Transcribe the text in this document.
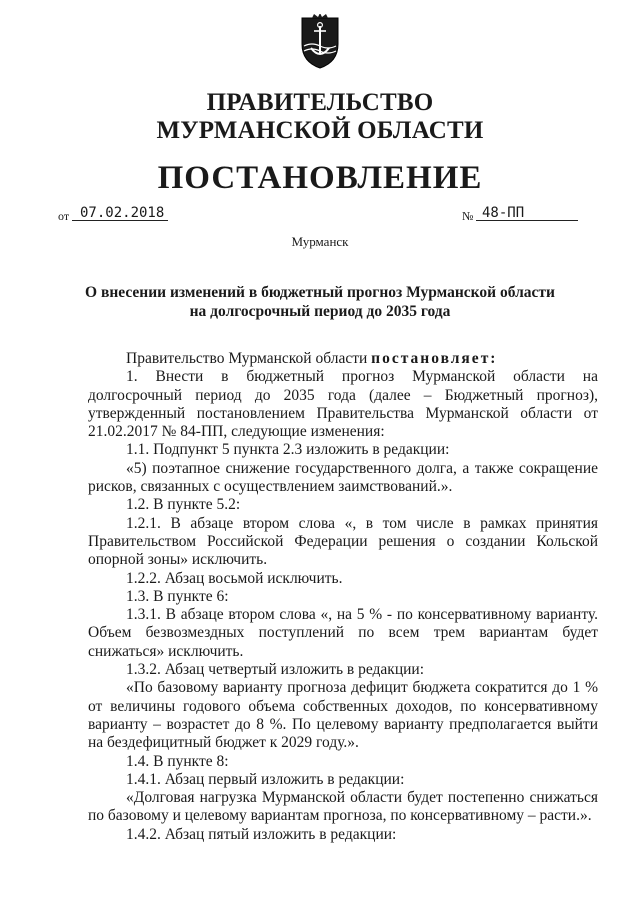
ПРАВИТЕЛЬСТВО
МУРМАНСКОЙ ОБЛАСТИ
ПОСТАНОВЛЕНИЕ
от 07.02.2018	№ 48-ПП
Мурманск
О внесении изменений в бюджетный прогноз Мурманской области на долгосрочный период до 2035 года

Правительство Мурманской области постановляет:

1. Внести в бюджетный прогноз Мурманской области на долгосрочный период до 2035 года (далее – Бюджетный прогноз), утвержденный постановлением Правительства Мурманской области от 21.02.2017 № 84-ПП, следующие изменения:

1.1. Подпункт 5 пункта 2.3 изложить в редакции:

«5) поэтапное снижение государственного долга, а также сокращение рисков, связанных с осуществлением заимствований.».

1.2. В пункте 5.2:

1.2.1. В абзаце втором слова «, в том числе в рамках принятия Правительством Российской Федерации решения о создании Кольской опорной зоны» исключить.

1.2.2. Абзац восьмой исключить.

1.3. В пункте 6:

1.3.1. В абзаце втором слова «, на 5 % - по консервативному варианту. Объем безвозмездных поступлений по всем трем вариантам будет снижаться» исключить.

1.3.2. Абзац четвертый изложить в редакции:

«По базовому варианту прогноза дефицит бюджета сократится до 1 % от величины годового объема собственных доходов, по консервативному варианту – возрастет до 8 %. По целевому варианту предполагается выйти на бездефицитный бюджет к 2029 году.».

1.4. В пункте 8:

1.4.1. Абзац первый изложить в редакции:

«Долговая нагрузка Мурманской области будет постепенно снижаться по базовому и целевому вариантам прогноза, по консервативному – расти.».

1.4.2. Абзац пятый изложить в редакции:
